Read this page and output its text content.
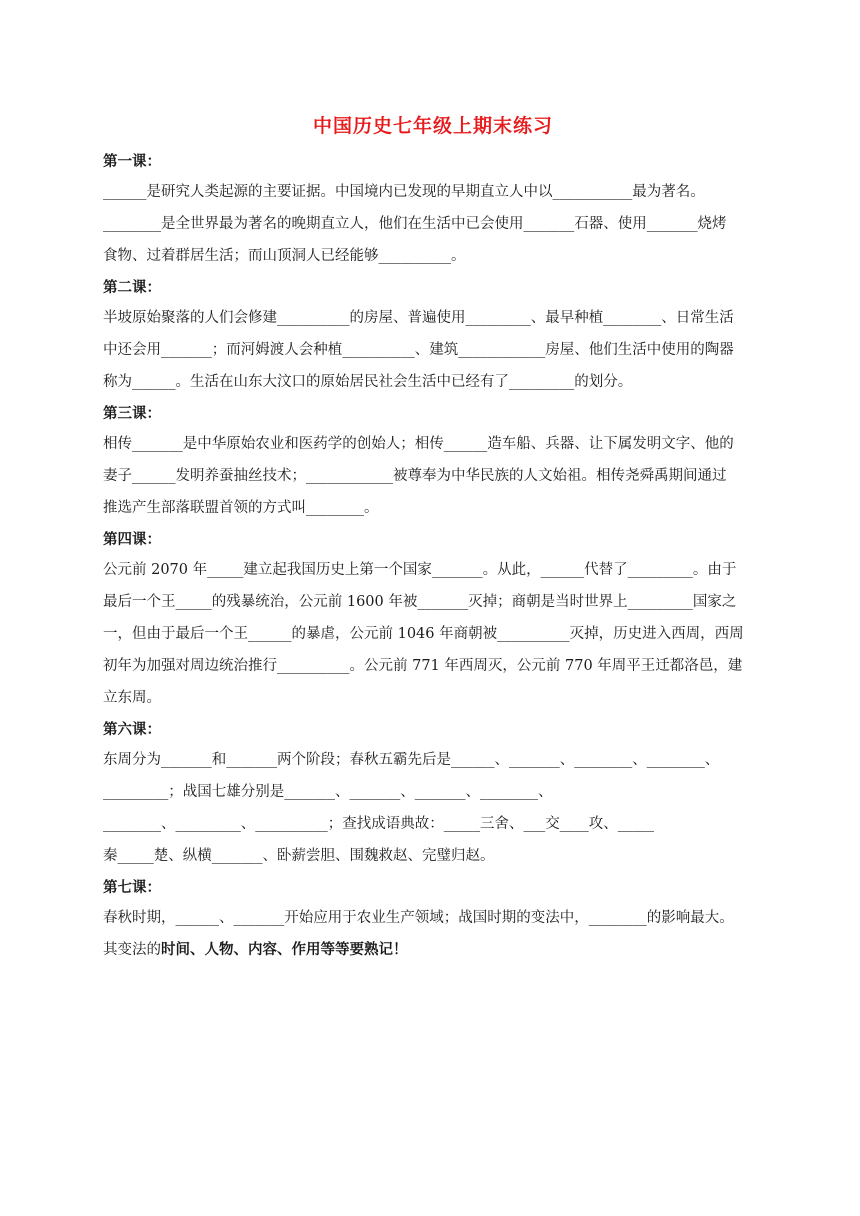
中国历史七年级上期末练习
第一课：
______是研究人类起源的主要证据。中国境内已发现的早期直立人中以___________最为著名。
________是全世界最为著名的晚期直立人，他们在生活中已会使用_______石器、使用_______烧烤
食物、过着群居生活；而山顶洞人已经能够__________。
第二课：
半坡原始聚落的人们会修建__________的房屋、普遍使用_________、最早种植________、日常生活
中还会用_______；而河姆渡人会种植__________、建筑____________房屋、他们生活中使用的陶器
称为______。生活在山东大汶口的原始居民社会生活中已经有了_________的划分。
第三课：
相传_______是中华原始农业和医药学的创始人；相传______造车船、兵器、让下属发明文字、他的
妻子______发明养蚕抽丝技术；____________被尊奉为中华民族的人文始祖。相传尧舜禹期间通过
推选产生部落联盟首领的方式叫________。
第四课：
公元前 2070 年_____建立起我国历史上第一个国家_______。从此，______代替了_________。由于
最后一个王_____的残暴统治，公元前 1600 年被_______灭掉；商朝是当时世界上_________国家之
一，但由于最后一个王______的暴虐，公元前 1046 年商朝被__________灭掉，历史进入西周，西周
初年为加强对周边统治推行__________。公元前 771 年西周灭，公元前 770 年周平王迁都洛邑，建
立东周。
第六课：
东周分为_______和_______两个阶段；春秋五霸先后是______、_______、________、________、
_________；战国七雄分别是_______、_______、_______、________、
________、_________、__________；查找成语典故：_____三舍、___交____攻、_____
秦_____楚、纵横_______、卧薪尝胆、围魏救赵、完璧归赵。
第七课：
春秋时期，______、_______开始应用于农业生产领域；战国时期的变法中，________的影响最大。
其变法的时间、人物、内容、作用等等要熟记！
